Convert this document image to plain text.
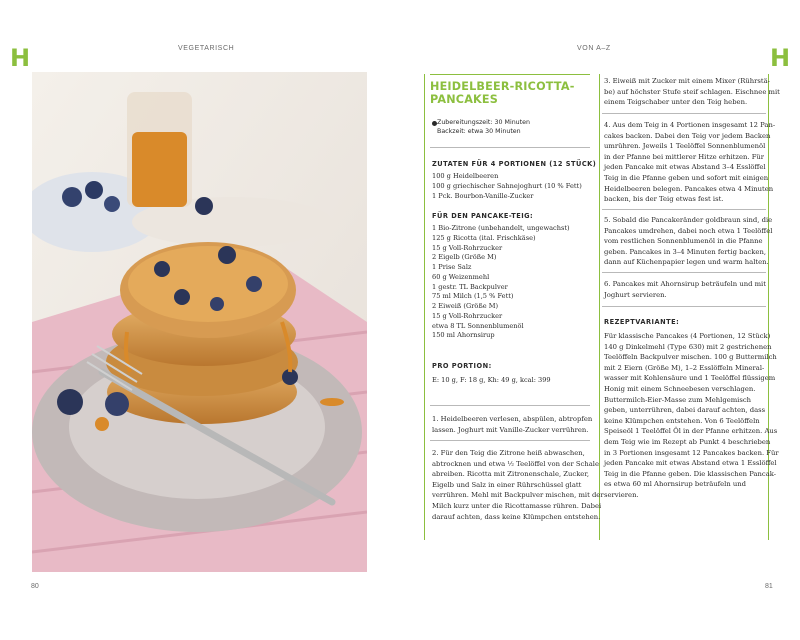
H	H
VEGETARISCH	VON A–Z
80	81
HEIDELBEER-RICOTTA-
PANCAKES
Zubereitungszeit: 30 Minuten
Backzeit: etwa 30 Minuten
ZUTATEN FÜR 4 PORTIONEN (12 STÜCK)
100 g Heidelbeeren
100 g griechischer Sahnejoghurt (10 % Fett)
1 Pck. Bourbon-Vanille-Zucker
FÜR DEN PANCAKE-TEIG:
1 Bio-Zitrone (unbehandelt, ungewachst)
125 g Ricotta (ital. Frischkäse)
15 g Voll-Rohrzucker
2 Eigelb (Größe M)
1 Prise Salz
60 g Weizenmehl
1 gestr. TL Backpulver
75 ml Milch (1,5 % Fett)
2 Eiweiß (Größe M)
15 g Voll-Rohrzucker
etwa 8 TL Sonnenblumenöl
150 ml Ahornsirup
PRO PORTION:
E: 10 g, F: 18 g, Kh: 49 g, kcal: 399
1. Heidelbeeren verlesen, abspülen, abtropfen
lassen. Joghurt mit Vanille-Zucker verrühren.
2. Für den Teig die Zitrone heiß abwaschen,
abtrocknen und etwa ½ Teelöffel von der Schale
abreiben. Ricotta mit Zitronenschale, Zucker,
Eigelb und Salz in einer Rührschüssel glatt
verrühren. Mehl mit Backpulver mischen, mit der
Milch kurz unter die Ricottamasse rühren. Dabei
darauf achten, dass keine Klümpchen entstehen.
3. Eiweiß mit Zucker mit einem Mixer (Rührstä-
be) auf höchster Stufe steif schlagen. Eischnee mit
einem Teigschaber unter den Teig heben.
4. Aus dem Teig in 4 Portionen insgesamt 12 Pan-
cakes backen. Dabei den Teig vor jedem Backen
umrühren. Jeweils 1 Teelöffel Sonnenblumenöl
in der Pfanne bei mittlerer Hitze erhitzen. Für
jeden Pancake mit etwas Abstand 3–4 Esslöffel
Teig in die Pfanne geben und sofort mit einigen
Heidelbeeren belegen. Pancakes etwa 4 Minuten
backen, bis der Teig etwas fest ist.
5. Sobald die Pancakeränder goldbraun sind, die
Pancakes umdrehen, dabei noch etwa 1 Teelöffel
vom restlichen Sonnenblumenöl in die Pfanne
geben. Pancakes in 3–4 Minuten fertig backen,
dann auf Küchenpapier legen und warm halten.
6. Pancakes mit Ahornsirup beträufeln und mit
Joghurt servieren.
REZEPTVARIANTE:
Für klassische Pancakes (4 Portionen, 12 Stück)
140 g Dinkelmehl (Type 630) mit 2 gestrichenen
Teelöffeln Backpulver mischen. 100 g Buttermilch
mit 2 Eiern (Größe M), 1–2 Esslöffeln Mineral-
wasser mit Kohlensäure und 1 Teelöffel flüssigem
Honig mit einem Schneebesen verschlagen.
Buttermilch-Eier-Masse zum Mehlgemisch
geben, unterrühren, dabei darauf achten, dass
keine Klümpchen entstehen. Von 6 Teelöffeln
Speiseöl 1 Teelöffel Öl in der Pfanne erhitzen. Aus
dem Teig wie im Rezept ab Punkt 4 beschrieben
in 3 Portionen insgesamt 12 Pancakes backen. Für
jeden Pancake mit etwas Abstand etwa 1 Esslöffel
Teig in die Pfanne geben. Die klassischen Pancak-
es etwa 60 ml Ahornsirup beträufeln und
servieren.
